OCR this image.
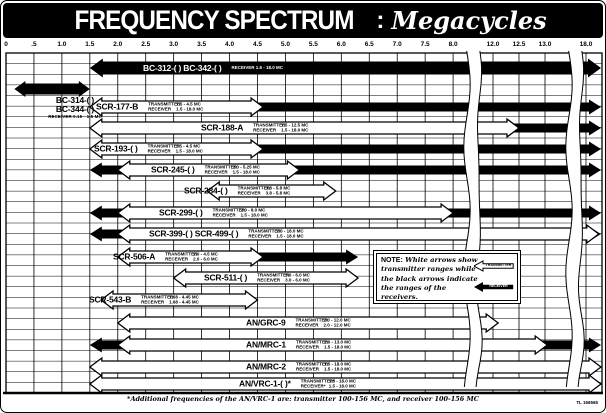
FREQUENCY SPECTRUM : Megacycles
NOTE: White arrows show
transmitter ranges while
the black arrows indicate
the ranges of the receivers.
TRANSMITTER
RECEIVER
*Additional frequencies of the AN/VRC-1 are: transmitter 100-156 MC, and receiver 100-156 MC	TL 156565
0	.5	1.0	1.5	2.0	2.5	3.0	3.5	4.0	4.5	5.0	5.5	6.0	6.5	7.0	7.5	8.0	12.0 12.5 13.0	18.0
BC-312-( ) BC-342-( ) RECEIVER 1.5 - 18.0 MC
BC-314-( )
BC-344-( )
RECEIVER 0.15 - 1.5 MC
SCR-177-B TRANSMITTER1.5 - 4.5 MC
RECEIVER 1.5 - 18.0 MC
SCR-188-A TRANSMITTER1.5 - 12.5 MC
RECEIVER 1.5 - 18.0 MC
SCR-193-( ) TRANSMITTER1.5 - 4.5 MC
RECEIVER 1.5 - 18.0 MC
SCR-245-( ) TRANSMITTER2.0 - 5.25 MC
RECEIVER 1.5 - 18.0 MC
SCR-284-( ) TRANSMITTER3.8 - 5.8 MC
RECEIVER 3.8 - 5.8 MC
SCR-299-( ) TRANSMITTER2.0 - 8.0 MC
RECEIVER 1.5 - 18.0 MC
SCR-399-( ) SCR-499-( ) TRANSMITTER2.0 - 18.0 MC
RECEIVER 1.5 - 18.0 MC
SCR-506-A TRANSMITTER2.0 - 4.5 MC
RECEIVER 2.0 - 6.0 MC
SCR-511-( ) TRANSMITTER3.0 - 6.0 MC
RECEIVER 3.0 - 6.0 MC
SCR-543-B TRANSMITTER1.68 - 4.45 MC
RECEIVER 1.68 - 4.45 MC
AN/GRC-9 TRANSMITTER2.0 - 12.0 MC
RECEIVER 2.0 - 12.0 MC
AN/MRC-1 TRANSMITTER2.0 - 13.0 MC
RECEIVER 1.5 - 18.0 MC
AN/MRC-2 TRANSMITTER1.5 - 18.0 MC
RECEIVER 1.5 - 18.0 MC
AN/VRC-1-( )* TRANSMITTER*1.5 - 18.0 MC
RECEIVER* 1.5 - 18.0 MC
